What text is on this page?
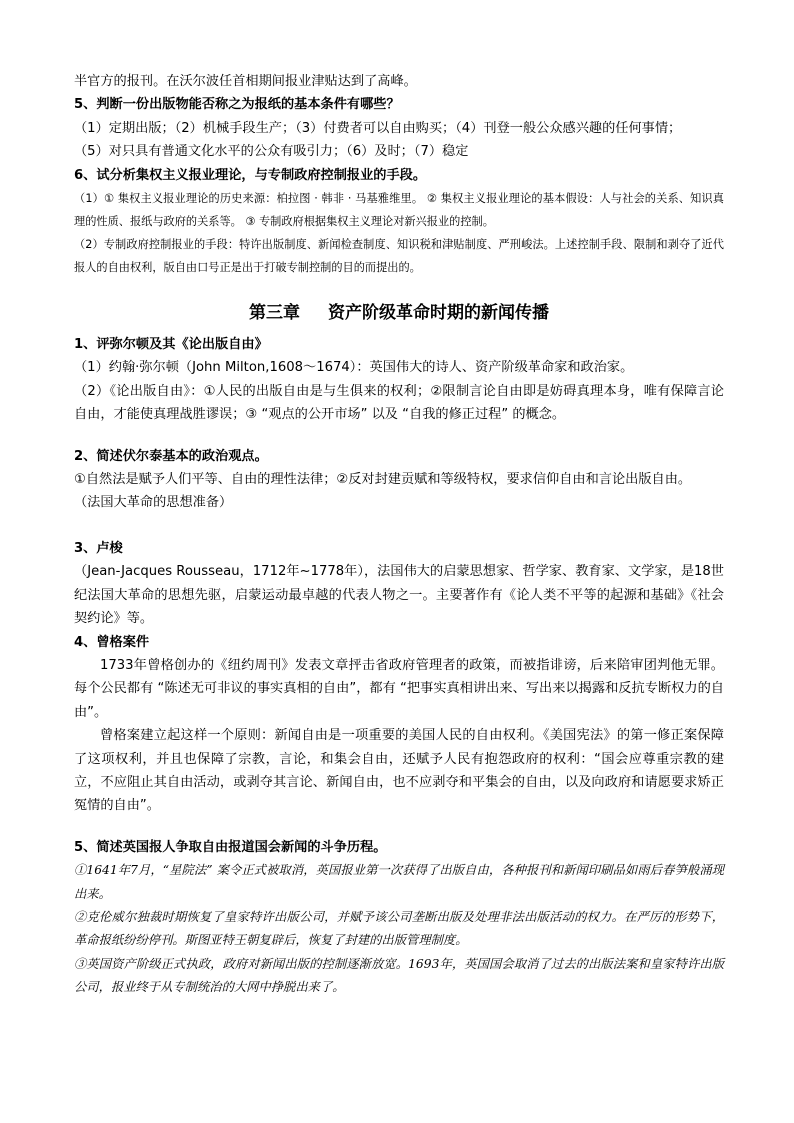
半官方的报刊。在沃尔波任首相期间报业津贴达到了高峰。

5、判断一份出版物能否称之为报纸的基本条件有哪些？

（1）定期出版；（2）机械手段生产；（3）付费者可以自由购买；（4）刊登一般公众感兴趣的任何事情；

（5）对只具有普通文化水平的公众有吸引力；（6）及时；（7）稳定

6、试分析集权主义报业理论，与专制政府控制报业的手段。

（1）① 集权主义报业理论的历史来源：柏拉图 · 韩非 · 马基雅维里。 ② 集权主义报业理论的基本假设：人与社会的关系、知识真理的性质、报纸与政府的关系等。 ③ 专制政府根据集权主义理论对新兴报业的控制。

（2）专制政府控制报业的手段：特许出版制度、新闻检查制度、知识税和津贴制度、严刑峻法。上述控制手段、限制和剥夺了近代报人的自由权利，版自由口号正是出于打破专制控制的目的而提出的。

第三章 资产阶级革命时期的新闻传播

1、评弥尔顿及其《论出版自由》

（1）约翰·弥尔顿（John Milton,1608～1674）：英国伟大的诗人、资产阶级革命家和政治家。

（2）《论出版自由》：①人民的出版自由是与生俱来的权利；②限制言论自由即是妨碍真理本身，唯有保障言论自由，才能使真理战胜谬误；③ “观点的公开市场” 以及 “自我的修正过程” 的概念。

2、简述伏尔泰基本的政治观点。

①自然法是赋予人们平等、自由的理性法律；②反对封建贡赋和等级特权，要求信仰自由和言论出版自由。

（法国大革命的思想准备）

3、卢梭

（Jean-Jacques Rousseau，1712年~1778年），法国伟大的启蒙思想家、哲学家、教育家、文学家，是18世纪法国大革命的思想先驱，启蒙运动最卓越的代表人物之一。主要著作有《论人类不平等的起源和基础》《社会契约论》等。

4、曾格案件

1733年曾格创办的《纽约周刊》发表文章抨击省政府管理者的政策，而被指诽谤，后来陪审团判他无罪。每个公民都有 “陈述无可非议的事实真相的自由”，都有 “把事实真相讲出来、写出来以揭露和反抗专断权力的自由”。

曾格案建立起这样一个原则：新闻自由是一项重要的美国人民的自由权利。《美国宪法》的第一修正案保障了这项权利，并且也保障了宗教，言论，和集会自由，还赋予人民有抱怨政府的权利：“国会应尊重宗教的建立，不应阻止其自由活动，或剥夺其言论、新闻自由，也不应剥夺和平集会的自由，以及向政府和请愿要求矫正冤情的自由”。

5、简述英国报人争取自由报道国会新闻的斗争历程。

①1641年7月，“星院法” 案令正式被取消，英国报业第一次获得了出版自由，各种报刊和新闻印刷品如雨后春笋般涌现出来。

②克伦威尔独裁时期恢复了皇家特许出版公司，并赋予该公司垄断出版及处理非法出版活动的权力。在严厉的形势下，革命报纸纷纷停刊。斯图亚特王朝复辟后，恢复了封建的出版管理制度。

③英国资产阶级正式执政，政府对新闻出版的控制逐渐放宽。1693年，英国国会取消了过去的出版法案和皇家特许出版公司，报业终于从专制统治的大网中挣脱出来了。
